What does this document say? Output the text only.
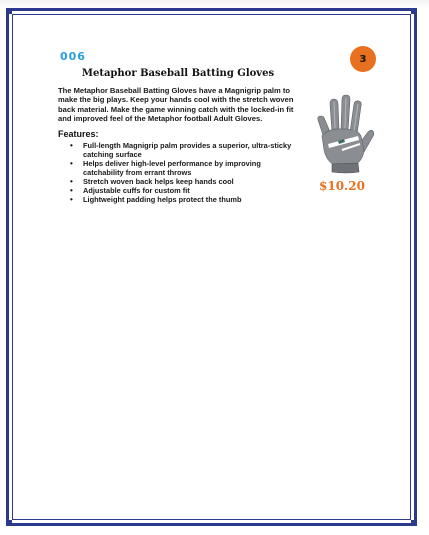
006	3
Metaphor Baseball Batting Gloves
The Metaphor Baseball Batting Gloves have a Magnigrip palm to make the big plays. Keep your hands cool with the stretch woven back material. Make the game winning catch with the locked-in fit and improved feel of the Metaphor football Adult Gloves.
Features:
• Full-length Magnigrip palm provides a superior, ultra-sticky catching surface
• Helps deliver high-level performance by improving catchability from errant throws
• Stretch woven back helps keep hands cool
• Adjustable cuffs for custom fit
• Lightweight padding helps protect the thumb
$10.20
